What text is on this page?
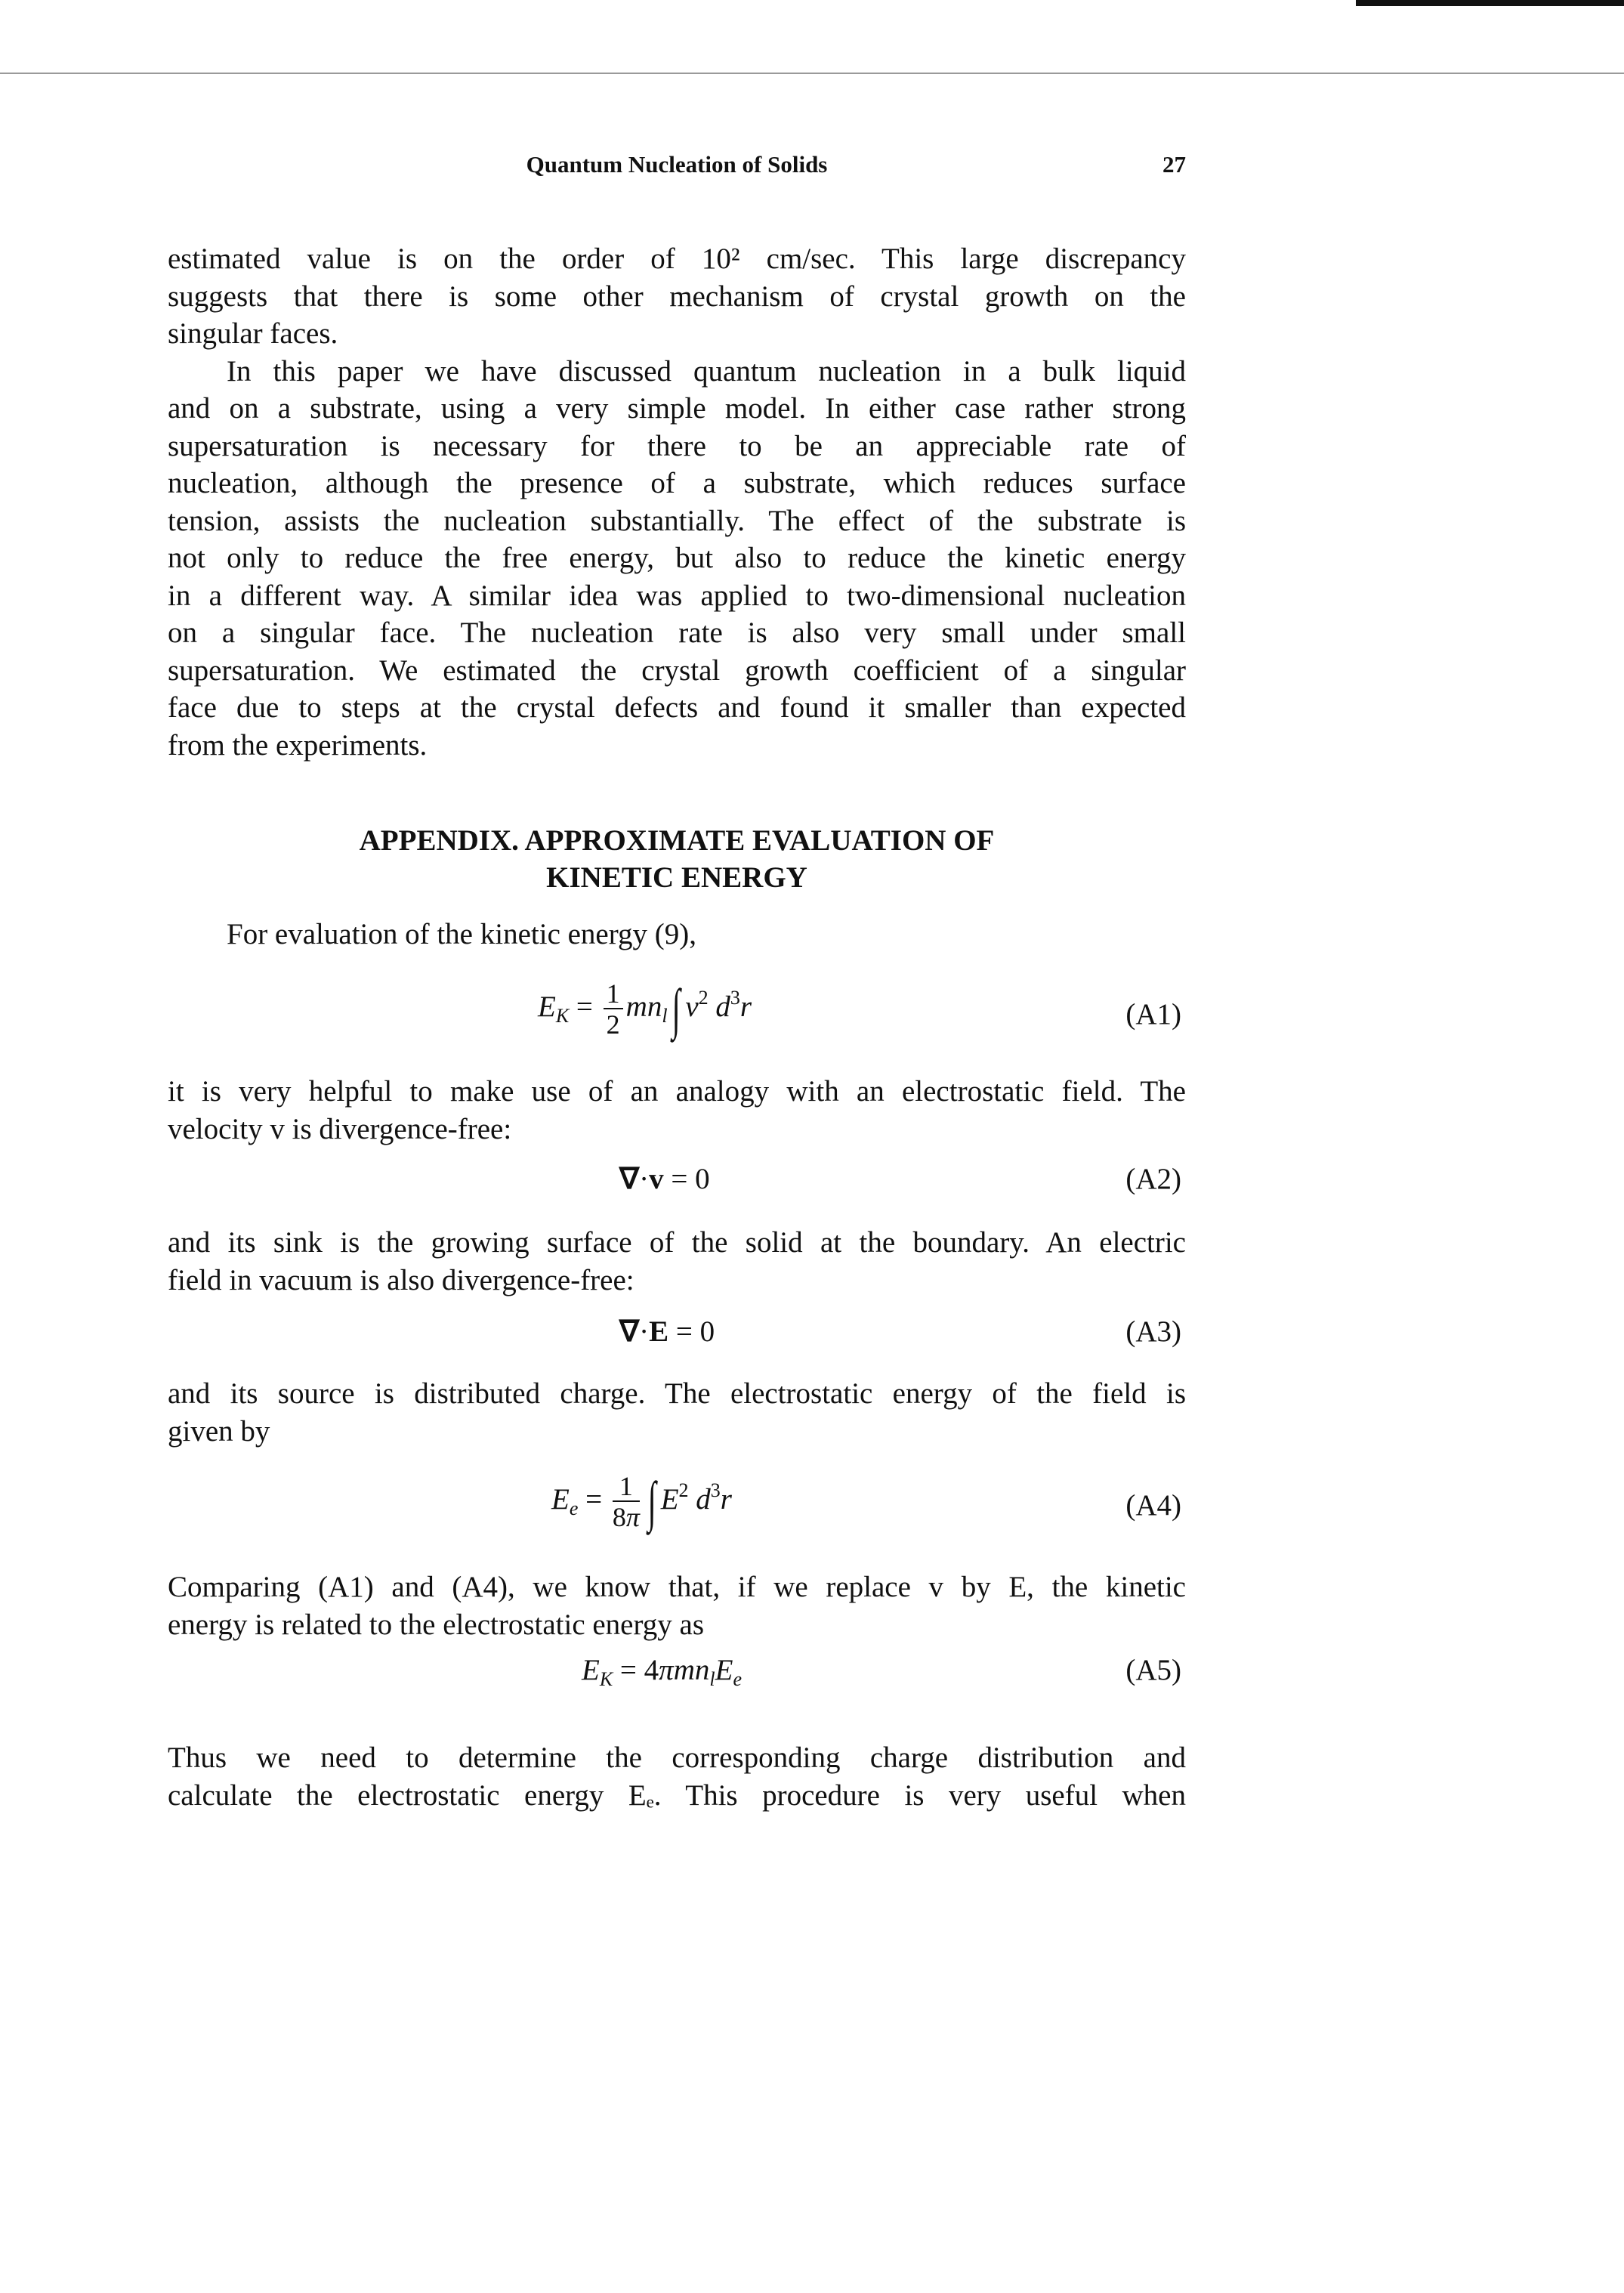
Quantum Nucleation of Solids	27

estimated value is on the order of 10² cm/sec. This large discrepancy
suggests that there is some other mechanism of crystal growth on the
singular faces.

In this paper we have discussed quantum nucleation in a bulk liquid
and on a substrate, using a very simple model. In either case rather strong
supersaturation is necessary for there to be an appreciable rate of
nucleation, although the presence of a substrate, which reduces surface
tension, assists the nucleation substantially. The effect of the substrate is
not only to reduce the free energy, but also to reduce the kinetic energy
in a different way. A similar idea was applied to two-dimensional nucleation
on a singular face. The nucleation rate is also very small under small
supersaturation. We estimated the crystal growth coefficient of a singular
face due to steps at the crystal defects and found it smaller than expected
from the experiments.

APPENDIX. APPROXIMATE EVALUATION OF
KINETIC ENERGY

For evaluation of the kinetic energy (9),

$E_K = \frac{1}{2} mn_l$ ∫ $v^2$ $d^3r$	(A1)

it is very helpful to make use of an analogy with an electrostatic field. The
velocity v is divergence-free:

∇·v = 0	(A2)

and its sink is the growing surface of the solid at the boundary. An electric
field in vacuum is also divergence-free:

∇·E = 0	(A3)

and its source is distributed charge. The electrostatic energy of the field is
given by

$E_e = \frac{1}{8\pi}$ ∫ $E^2$ $d^3r$	(A4)

Comparing (A1) and (A4), we know that, if we replace v by E, the kinetic
energy is related to the electrostatic energy as

$E_K = 4\pi mn_lE_e$	(A5)

Thus we need to determine the corresponding charge distribution and
calculate the electrostatic energy Eₑ. This procedure is very useful when
